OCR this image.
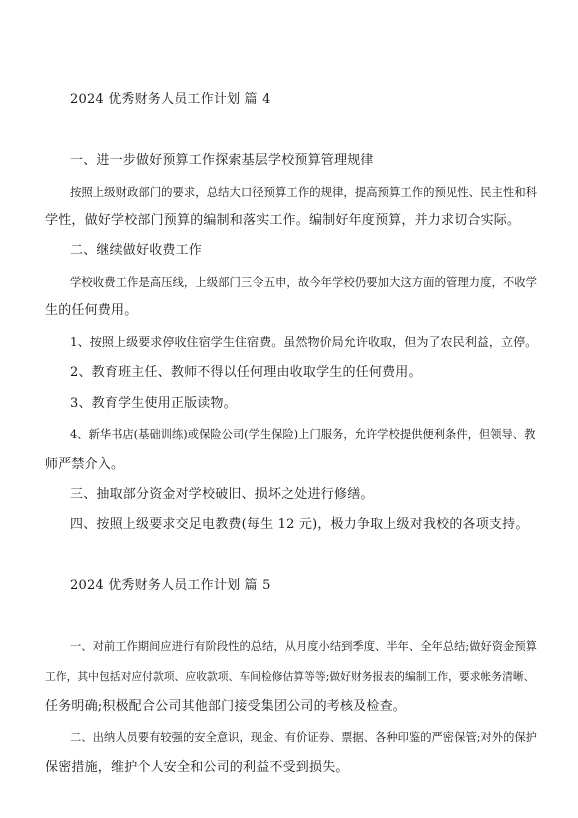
2024 优秀财务人员工作计划 篇 4
一、进一步做好预算工作探索基层学校预算管理规律
按照上级财政部门的要求，总结大口径预算工作的规律，提高预算工作的预见性、民主性和科
学性，做好学校部门预算的编制和落实工作。编制好年度预算，并力求切合实际。
二、继续做好收费工作
学校收费工作是高压线，上级部门三令五申，故今年学校仍要加大这方面的管理力度，不收学
生的任何费用。
1、按照上级要求停收住宿学生住宿费。虽然物价局允许收取，但为了农民利益，立停。
2、教育班主任、教师不得以任何理由收取学生的任何费用。
3、教育学生使用正版读物。
4、新华书店(基础训练)或保险公司(学生保险)上门服务，允许学校提供便利条件，但领导、教
师严禁介入。
三、抽取部分资金对学校破旧、损坏之处进行修缮。
四、按照上级要求交足电教费(每生 12 元)，极力争取上级对我校的各项支持。
2024 优秀财务人员工作计划 篇 5
一、对前工作期间应进行有阶段性的总结，从月度小结到季度、半年、全年总结;做好资金预算
工作，其中包括对应付款项、应收款项、车间检修估算等等;做好财务报表的编制工作，要求帐务清晰、
任务明确;积极配合公司其他部门接受集团公司的考核及检查。
二、出纳人员要有较强的安全意识，现金、有价证券、票据、各种印鉴的严密保管;对外的保护
保密措施，维护个人安全和公司的利益不受到损失。
